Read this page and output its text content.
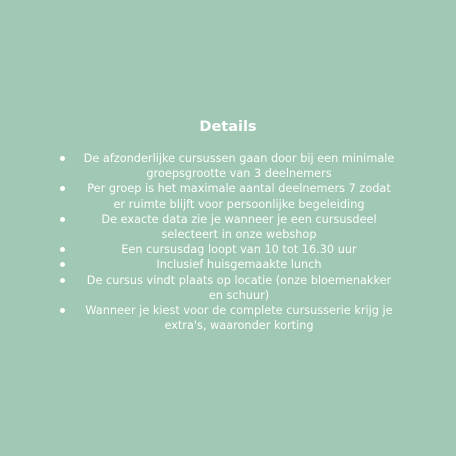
Details
De afzonderlijke cursussen gaan door bij een minimale groepsgrootte van 3 deelnemers
Per groep is het maximale aantal deelnemers 7 zodat er ruimte blijft voor persoonlijke begeleiding
De exacte data zie je wanneer je een cursusdeel selecteert in onze webshop
Een cursusdag loopt van 10 tot 16.30 uur
Inclusief huisgemaakte lunch
De cursus vindt plaats op locatie (onze bloemenakker en schuur)
Wanneer je kiest voor de complete cursusserie krijg je extra's, waaronder korting
